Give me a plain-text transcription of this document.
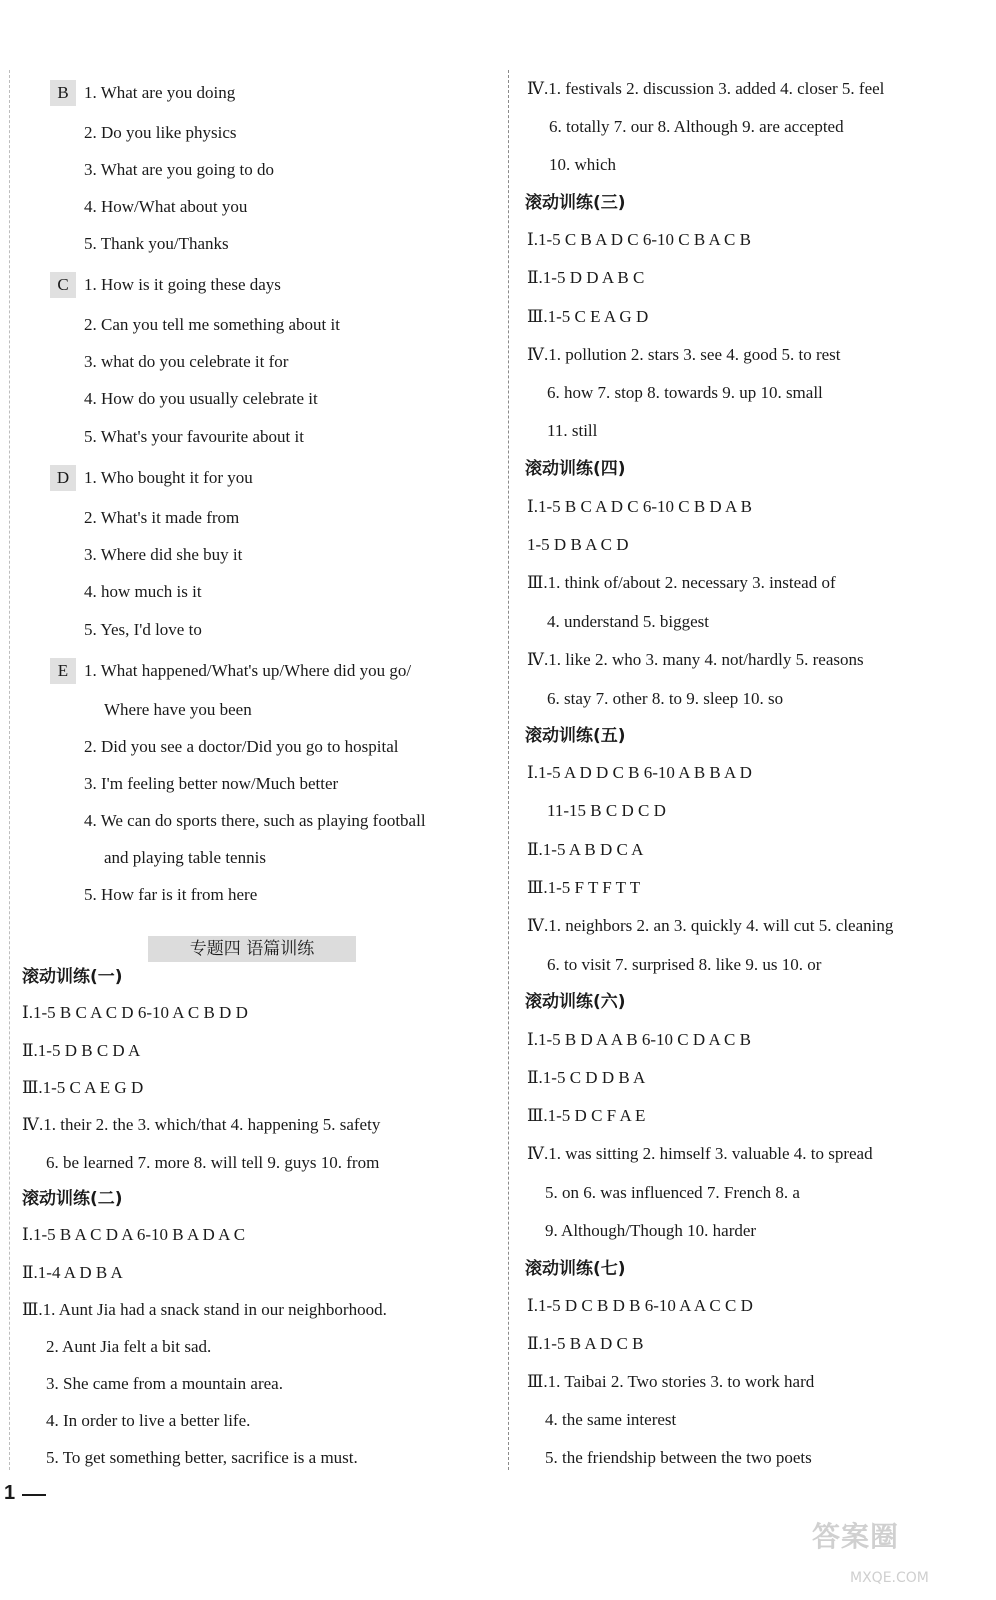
B 1. What are you doing
2. Do you like physics
3. What are you going to do
4. How/What about you
5. Thank you/Thanks
C 1. How is it going these days
2. Can you tell me something about it
3. what do you celebrate it for
4. How do you usually celebrate it
5. What's your favourite about it
D 1. Who bought it for you
2. What's it made from
3. Where did she buy it
4. how much is it
5. Yes, I'd love to
E 1. What happened/What's up/Where did you go/
Where have you been
2. Did you see a doctor/Did you go to hospital
3. I'm feeling better now/Much better
4. We can do sports there, such as playing football
and playing table tennis
5. How far is it from here
专题四 语篇训练
滚动训练(一)
Ⅰ.1-5 B C A C D 6-10 A C B D D
Ⅱ.1-5 D B C D A
Ⅲ.1-5 C A E G D
Ⅳ.1. their 2. the 3. which/that 4. happening 5. safety
6. be learned 7. more 8. will tell 9. guys 10. from
滚动训练(二)
Ⅰ.1-5 B A C D A 6-10 B A D A C
Ⅱ.1-4 A D B A
Ⅲ.1. Aunt Jia had a snack stand in our neighborhood.
2. Aunt Jia felt a bit sad.
3. She came from a mountain area.
4. In order to live a better life.
5. To get something better, sacrifice is a must.
Ⅳ.1. festivals 2. discussion 3. added 4. closer 5. feel
6. totally 7. our 8. Although 9. are accepted
10. which
滚动训练(三)
Ⅰ.1-5 C B A D C 6-10 C B A C B
Ⅱ.1-5 D D A B C
Ⅲ.1-5 C E A G D
Ⅳ.1. pollution 2. stars 3. see 4. good 5. to rest
6. how 7. stop 8. towards 9. up 10. small
11. still
滚动训练(四)
Ⅰ.1-5 B C A D C 6-10 C B D A B
1-5 D B A C D
Ⅲ.1. think of/about 2. necessary 3. instead of
4. understand 5. biggest
Ⅳ.1. like 2. who 3. many 4. not/hardly 5. reasons
6. stay 7. other 8. to 9. sleep 10. so
滚动训练(五)
Ⅰ.1-5 A D D C B 6-10 A B B A D
11-15 B C D C D
Ⅱ.1-5 A B D C A
Ⅲ.1-5 F T F T T
Ⅳ.1. neighbors 2. an 3. quickly 4. will cut 5. cleaning
6. to visit 7. surprised 8. like 9. us 10. or
滚动训练(六)
Ⅰ.1-5 B D A A B 6-10 C D A C B
Ⅱ.1-5 C D D B A
Ⅲ.1-5 D C F A E
Ⅳ.1. was sitting 2. himself 3. valuable 4. to spread
5. on 6. was influenced 7. French 8. a
9. Although/Though 10. harder
滚动训练(七)
Ⅰ.1-5 D C B D B 6-10 A A C C D
Ⅱ.1-5 B A D C B
Ⅲ.1. Taibai 2. Two stories 3. to work hard
4. the same interest
5. the friendship between the two poets
1
答案圈
MXQE.COM
